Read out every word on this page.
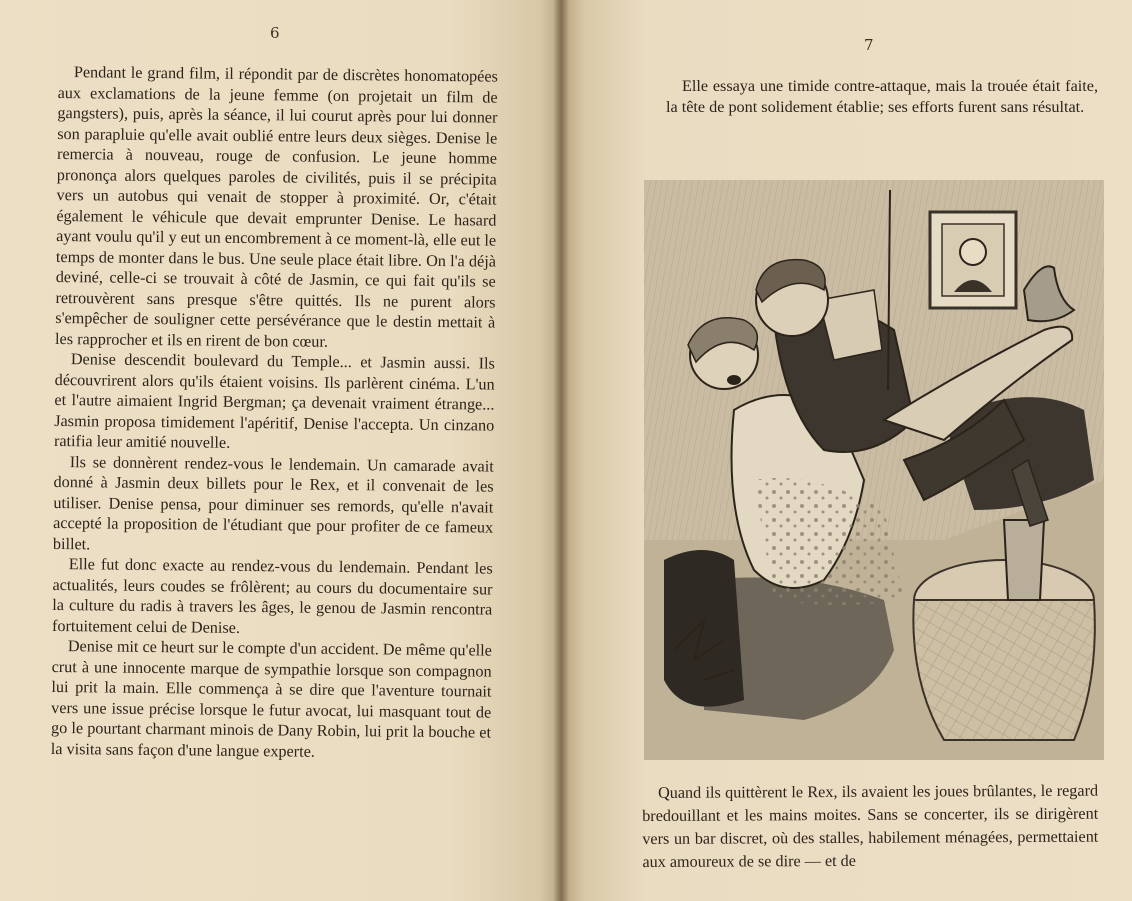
6

Pendant le grand film, il répondit par de discrètes honomatopées aux exclamations de la jeune femme (on projetait un film de gangsters), puis, après la séance, il lui courut après pour lui donner son parapluie qu'elle avait oublié entre leurs deux sièges. Denise le remercia à nouveau, rouge de confusion. Le jeune homme prononça alors quelques paroles de civilités, puis il se précipita vers un autobus qui venait de stopper à proximité. Or, c'était également le véhicule que devait emprunter Denise. Le hasard ayant voulu qu'il y eut un encombrement à ce moment-là, elle eut le temps de monter dans le bus. Une seule place était libre. On l'a déjà deviné, celle-ci se trouvait à côté de Jasmin, ce qui fait qu'ils se retrouvèrent sans presque s'être quittés. Ils ne purent alors s'empêcher de souligner cette persévérance que le destin mettait à les rapprocher et ils en rirent de bon cœur.

Denise descendit boulevard du Temple... et Jasmin aussi. Ils découvrirent alors qu'ils étaient voisins. Ils parlèrent cinéma. L'un et l'autre aimaient Ingrid Bergman; ça devenait vraiment étrange... Jasmin proposa timidement l'apéritif, Denise l'accepta. Un cinzano ratifia leur amitié nouvelle.

Ils se donnèrent rendez-vous le lendemain. Un camarade avait donné à Jasmin deux billets pour le Rex, et il convenait de les utiliser. Denise pensa, pour diminuer ses remords, qu'elle n'avait accepté la proposition de l'étudiant que pour profiter de ce fameux billet.

Elle fut donc exacte au rendez-vous du lendemain. Pendant les actualités, leurs coudes se frôlèrent; au cours du documentaire sur la culture du radis à travers les âges, le genou de Jasmin rencontra fortuitement celui de Denise.

Denise mit ce heurt sur le compte d'un accident. De même qu'elle crut à une innocente marque de sympathie lorsque son compagnon lui prit la main. Elle commença à se dire que l'aventure tournait vers une issue précise lorsque le futur avocat, lui masquant tout de go le pourtant charmant minois de Dany Robin, lui prit la bouche et la visita sans façon d'une langue experte.

7

Elle essaya une timide contre-attaque, mais la trouée était faite, la tête de pont solidement établie; ses efforts furent sans résultat.

Quand ils quittèrent le Rex, ils avaient les joues brûlantes, le regard bredouillant et les mains moites. Sans se concerter, ils se dirigèrent vers un bar discret, où des stalles, habilement ménagées, permettaient aux amoureux de se dire — et de
